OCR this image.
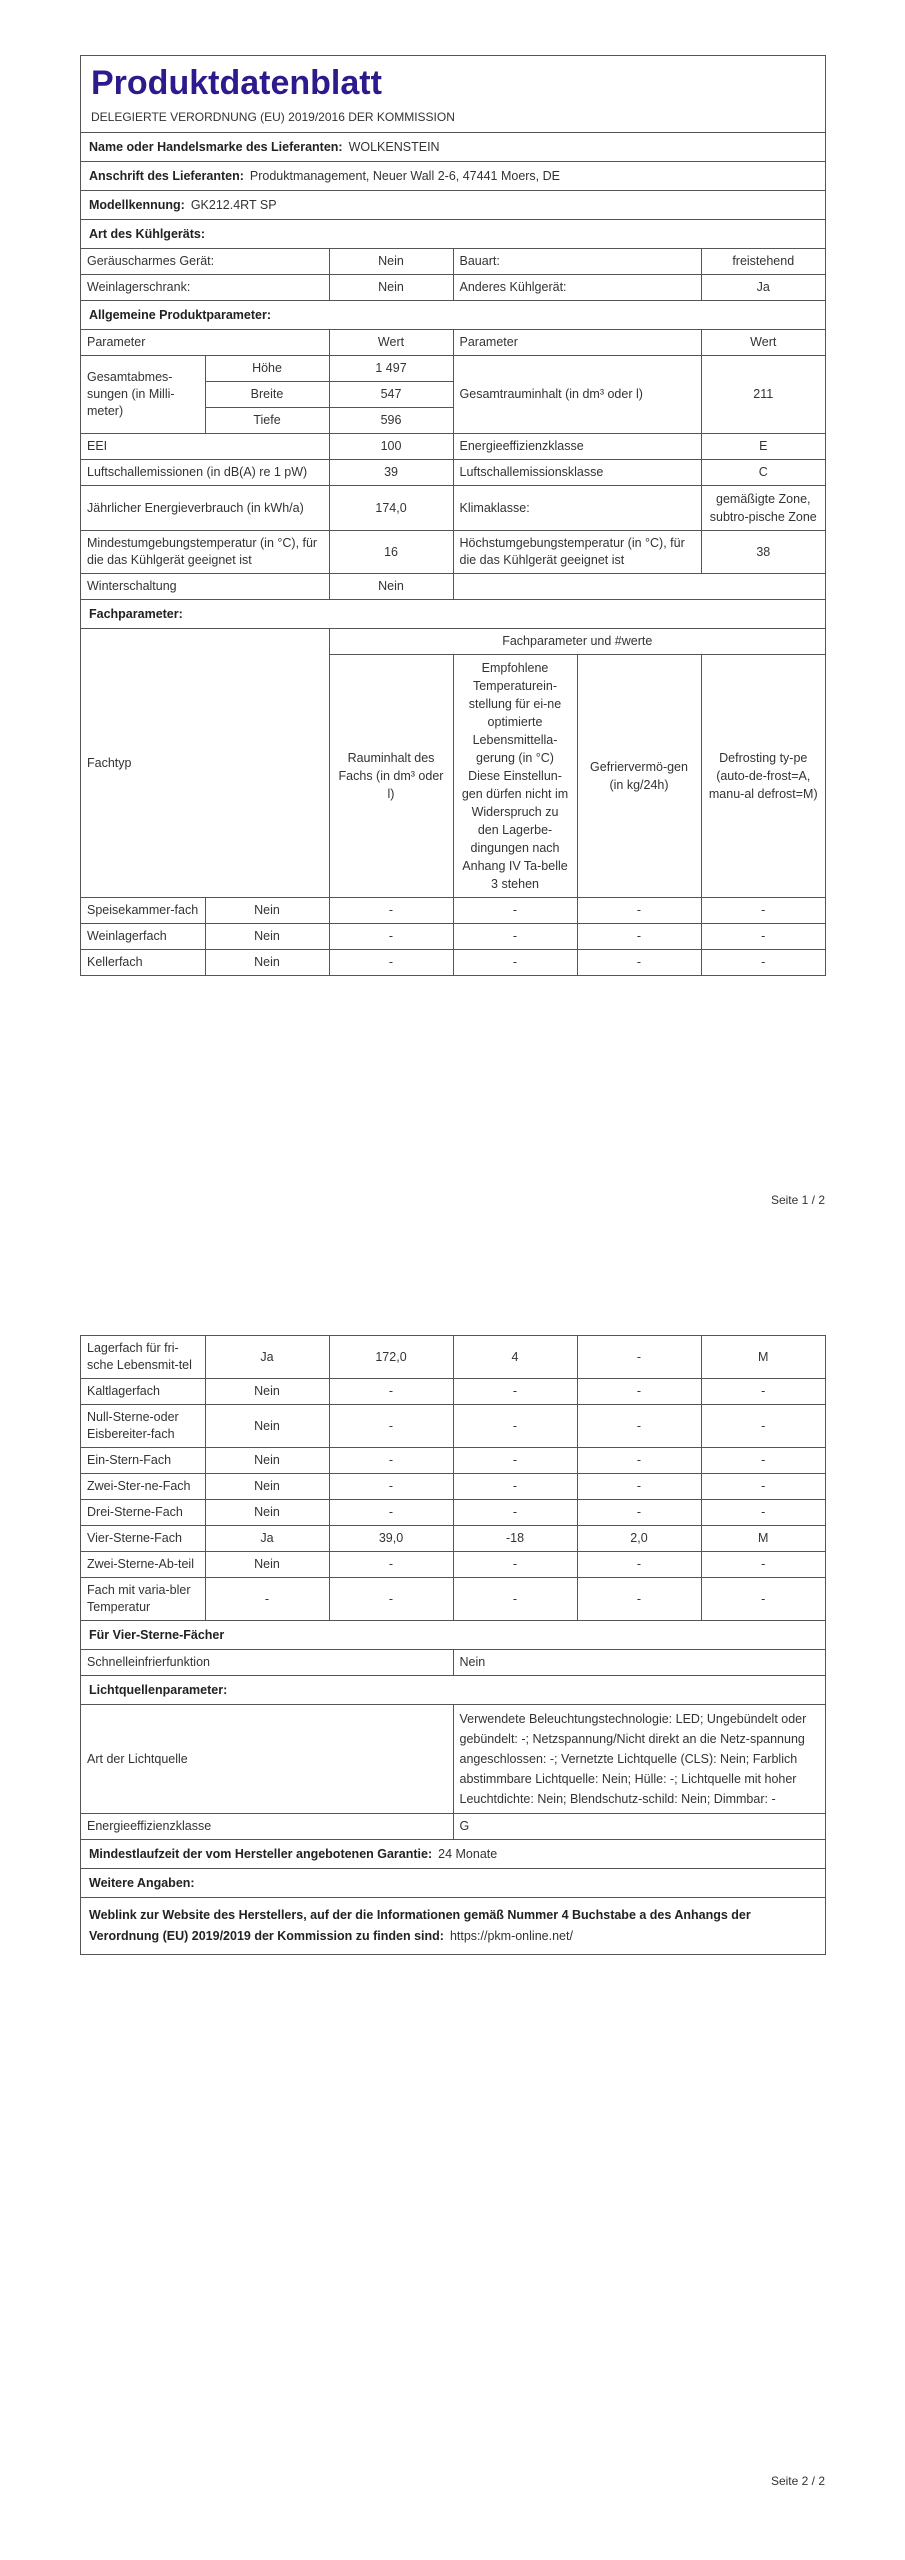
Produktdatenblatt
DELEGIERTE VERORDNUNG (EU) 2019/2016 DER KOMMISSION
Name oder Handelsmarke des Lieferanten: WOLKENSTEIN
Anschrift des Lieferanten: Produktmanagement, Neuer Wall 2-6, 47441 Moers, DE
Modellkennung: GK212.4RT SP
Art des Kühlgeräts:
Geräuscharmes Gerät:	Nein	Bauart:	freistehend
Weinlagerschrank:	Nein	Anderes Kühlgerät:	Ja
Allgemeine Produktparameter:
Parameter		Wert	Parameter	Wert
Gesamtabmes-sungen (in Milli-meter)	Höhe	1 497	Gesamtrauminhalt (in dm³ oder l)	211
	Breite	547		
	Tiefe	596		
EEI		100	Energieeffizienzklasse	E
Luftschallemissionen (in dB(A) re 1 pW)		39	Luftschallemissionsklasse	C
Jährlicher Energieverbrauch (in kWh/a)		174,0	Klimaklasse:	gemäßigte Zone, subtro-pische Zone
Mindestumgebungstemperatur (in °C), für die das Kühlgerät geeignet ist		16	Höchstumgebungstemperatur (in °C), für die das Kühlgerät geeignet ist	38
Winterschaltung		Nein		
Fachparameter:
Fachtyp		Fachparameter und #werte			
		Rauminhalt des Fachs (in dm³ oder l)	Empfohlene Temperaturein-stellung für ei-ne optimierte Lebensmittella-gerung (in °C) Diese Einstellun-gen dürfen nicht im Widerspruch zu den Lagerbe-dingungen nach Anhang IV Ta-belle 3 stehen	Gefriervermö-gen (in kg/24h)	Defrosting ty-pe (auto-de-frost=A, manu-al defrost=M)
Speisekammer-fach	Nein	-	-	-	-
Weinlagerfach	Nein	-	-	-	-
Kellerfach	Nein	-	-	-	-
Seite 1 / 2
Lagerfach für fri-sche Lebensmit-tel	Ja	172,0	4	-	M
Kaltlagerfach	Nein	-	-	-	-
Null-Sterne-oder Eisbereiter-fach	Nein	-	-	-	-
Ein-Stern-Fach	Nein	-	-	-	-
Zwei-Ster-ne-Fach	Nein	-	-	-	-
Drei-Sterne-Fach	Nein	-	-	-	-
Vier-Sterne-Fach	Ja	39,0	-18	2,0	M
Zwei-Sterne-Ab-teil	Nein	-	-	-	-
Fach mit varia-bler Temperatur	-	-	-	-	-
Für Vier-Sterne-Fächer
Schnelleinfrierfunktion	Nein
Lichtquellenparameter:
Art der Lichtquelle	Verwendete Beleuchtungstechnologie: LED; Ungebündelt oder gebündelt: -; Netzspannung/Nicht direkt an die Netz-spannung angeschlossen: -; Vernetzte Lichtquelle (CLS): Nein; Farblich abstimmbare Lichtquelle: Nein; Hülle: -; Lichtquelle mit hoher Leuchtdichte: Nein; Blendschutz-schild: Nein; Dimmbar: -
Energieeffizienzklasse	G
Mindestlaufzeit der vom Hersteller angebotenen Garantie: 24 Monate
Weitere Angaben:
Weblink zur Website des Herstellers, auf der die Informationen gemäß Nummer 4 Buchstabe a des Anhangs der Verordnung (EU) 2019/2019 der Kommission zu finden sind: https://pkm-online.net/
Seite 2 / 2
